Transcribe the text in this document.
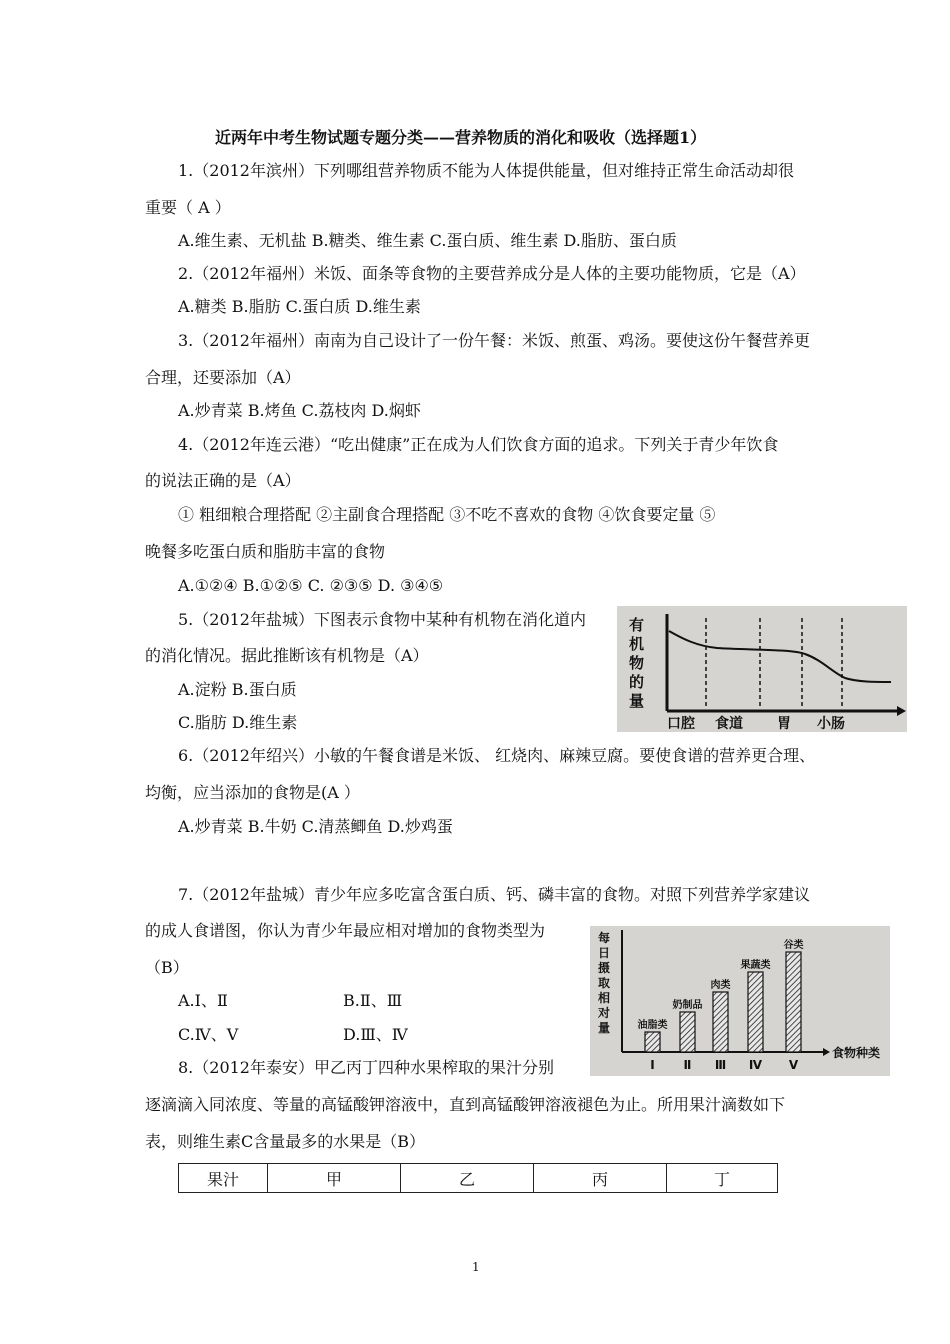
近两年中考生物试题专题分类——营养物质的消化和吸收（选择题1）
1.（2012年滨州）下列哪组营养物质不能为人体提供能量，但对维持正常生命活动却很
重要（ A ）
A.维生素、无机盐 B.糖类、维生素 C.蛋白质、维生素 D.脂肪、蛋白质
2.（2012年福州）米饭、面条等食物的主要营养成分是人体的主要功能物质，它是（A）
A.糖类 B.脂肪 C.蛋白质 D.维生素
3.（2012年福州）南南为自己设计了一份午餐：米饭、煎蛋、鸡汤。要使这份午餐营养更
合理，还要添加（A）
A.炒青菜 B.烤鱼 C.荔枝肉 D.焖虾
4.（2012年连云港）“吃出健康”正在成为人们饮食方面的追求。下列关于青少年饮食
的说法正确的是（A）
① 粗细粮合理搭配 ②主副食合理搭配 ③不吃不喜欢的食物 ④饮食要定量 ⑤
晚餐多吃蛋白质和脂肪丰富的食物
A.①②④ B.①②⑤ C. ②③⑤ D. ③④⑤
5.（2012年盐城）下图表示食物中某种有机物在消化道内
的消化情况。据此推断该有机物是（A）
A.淀粉 B.蛋白质
C.脂肪 D.维生素
有
机
物
的
量
口腔 食道 胃 小肠
6.（2012年绍兴）小敏的午餐食谱是米饭、 红烧肉、麻辣豆腐。要使食谱的营养更合理、
均衡，应当添加的食物是(A ）
A.炒青菜 B.牛奶 C.清蒸鲫鱼 D.炒鸡蛋
7.（2012年盐城）青少年应多吃富含蛋白质、钙、磷丰富的食物。对照下列营养学家建议
的成人食谱图，你认为青少年最应相对增加的食物类型为
（B）
A.Ⅰ、Ⅱ	B.Ⅱ、Ⅲ
C.Ⅳ、Ⅴ	D.Ⅲ、Ⅳ
每
日
摄
取
相
对
量	油脂类
Ⅰ
奶制品
Ⅱ
肉类
Ⅲ
果蔬类
Ⅳ
谷类
Ⅴ
食物种类
8.（2012年泰安）甲乙丙丁四种水果榨取的果汁分别
逐滴滴入同浓度、等量的高锰酸钾溶液中，直到高锰酸钾溶液褪色为止。所用果汁滴数如下
表，则维生素C含量最多的水果是（B）
果汁	甲	乙	丙	丁
1
